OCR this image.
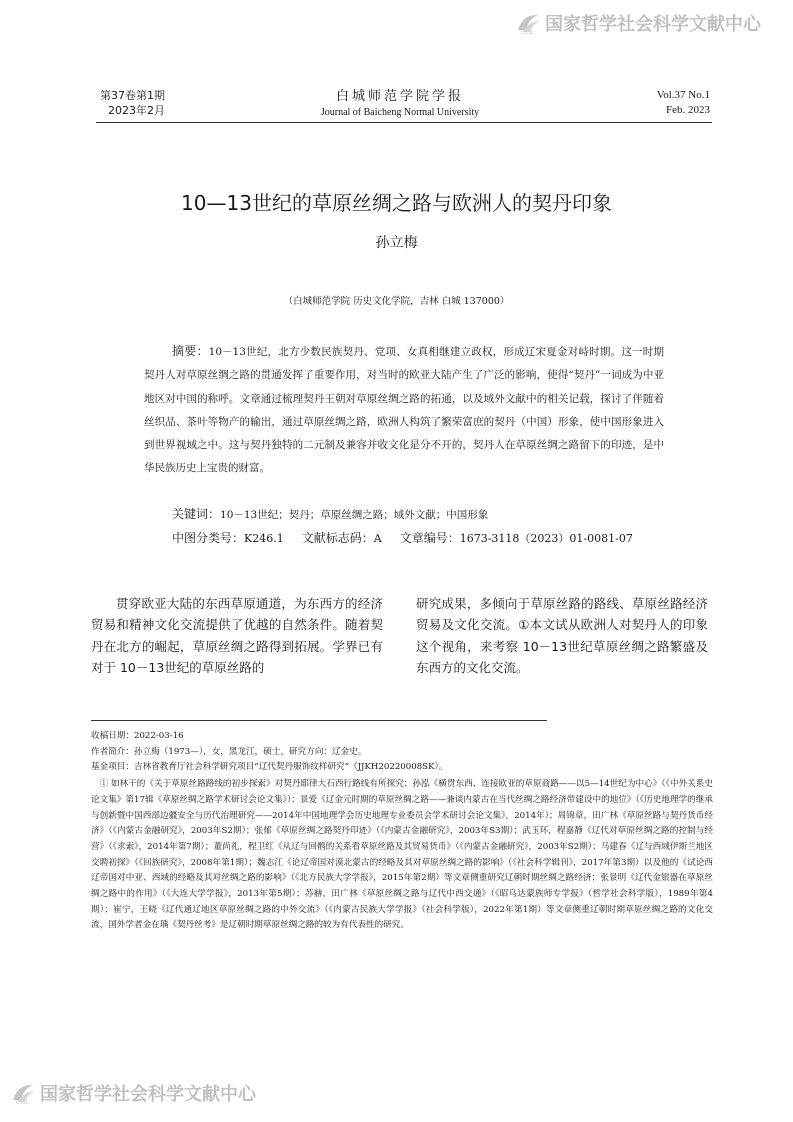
CSSL 国家哲学社会科学文献中心
第37卷第1期
2023年2月
白城师范学院学报
Journal of Baicheng Normal University
Vol.37 No.1
Feb. 2023
10—13世纪的草原丝绸之路与欧洲人的契丹印象
孙立梅
（白城师范学院 历史文化学院，吉林 白城 137000）
摘要：10－13世纪，北方少数民族契丹、党项、女真相继建立政权，形成辽宋夏金对峙时期。这一时期契丹人对草原丝绸之路的贯通发挥了重要作用，对当时的欧亚大陆产生了广泛的影响，使得“契丹”一词成为中亚地区对中国的称呼。文章通过梳理契丹王朝对草原丝绸之路的拓通，以及域外文献中的相关记载，探讨了伴随着丝织品、茶叶等物产的输出，通过草原丝绸之路，欧洲人构筑了繁荣富庶的契丹（中国）形象，使中国形象进入到世界视域之中。这与契丹独特的二元制及兼容并收文化是分不开的，契丹人在草原丝绸之路留下的印迹，是中华民族历史上宝贵的财富。
关键词：10－13世纪；契丹；草原丝绸之路；域外文献；中国形象
中图分类号：K246.1 文献标志码：A 文章编号：1673-3118（2023）01-0081-07
贯穿欧亚大陆的东西草原通道，为东西方的经济贸易和精神文化交流提供了优越的自然条件。随着契丹在北方的崛起，草原丝绸之路得到拓展。学界已有对于 10－13世纪的草原丝路的
研究成果，多倾向于草原丝路的路线、草原丝路经济贸易及文化交流。①本文试从欧洲人对契丹人的印象这个视角，来考察 10－13世纪草原丝绸之路繁盛及东西方的文化交流。
收稿日期：2022-03-16
作者简介：孙立梅（1973—），女，黑龙江，硕士，研究方向：辽金史。
基金项目：吉林省教育厅社会科学研究项目“辽代契丹服饰纹样研究”（JJKH20220008SK）。
① 如林干的《关于草原丝路路线的初步探索》对契丹耶律大石西行路线有所探究；孙泓《横贯东西、连接欧亚的草原商路——以5—14世纪为中心》（《中外关系史论文集》第17辑《草原丝绸之路学术研讨会论文集》）；景爱《辽金元时期的草原丝绸之路——兼谈内蒙古在当代丝绸之路经济带建设中的地位》（《历史地理学的继承与创新暨中国西部边疆安全与历代治理研究——2014年中国地理学会历史地理专业委员会学术研讨会论文集》，2014年）；周锦章，田广林《草原丝路与契丹货币经济》（《内蒙古金融研究》，2003年S2期）；张郁《草原丝绸之路契丹印迹》（《内蒙古金融研究》，2003年S3期）；武玉环，程嘉静《辽代对草原丝绸之路的控制与经营》（《求索》，2014年第7期）；董尚礼，程卫红《从辽与回鹘的关系看草原丝路及其贸易货币》（《内蒙古金融研究》，2003年S2期）；马建春《辽与西域伊斯兰地区交聘初探》（《回族研究》，2008年第1期）；魏志江《论辽帝国对漠北蒙古的经略及其对草原丝绸之路的影响》（《社会科学辑刊》，2017年第3期）以及他的《试论西辽帝国对中亚、西域的经略及其对丝绸之路的影响》（《北方民族大学学报》，2015年第2期）等文章侧重研究辽朝时期丝绸之路经济；张景明《辽代金银器在草原丝绸之路中的作用》（《大连大学学报》，2013年第5期）；苏赫，田广林《草原丝绸之路与辽代中西交通》（《昭乌达蒙族师专学报》（哲学社会科学版），1989年第4期）；崔宁，王晓《辽代通辽地区草原丝绸之路的中外交流》（《内蒙古民族大学学报》（社会科学版），2022年第1期）等文章侧重辽朝时期草原丝绸之路的文化交流，国外学者金在瑀《契丹丝考》是辽朝时期草原丝绸之路的较为有代表性的研究。
CSSL 国家哲学社会科学文献中心
